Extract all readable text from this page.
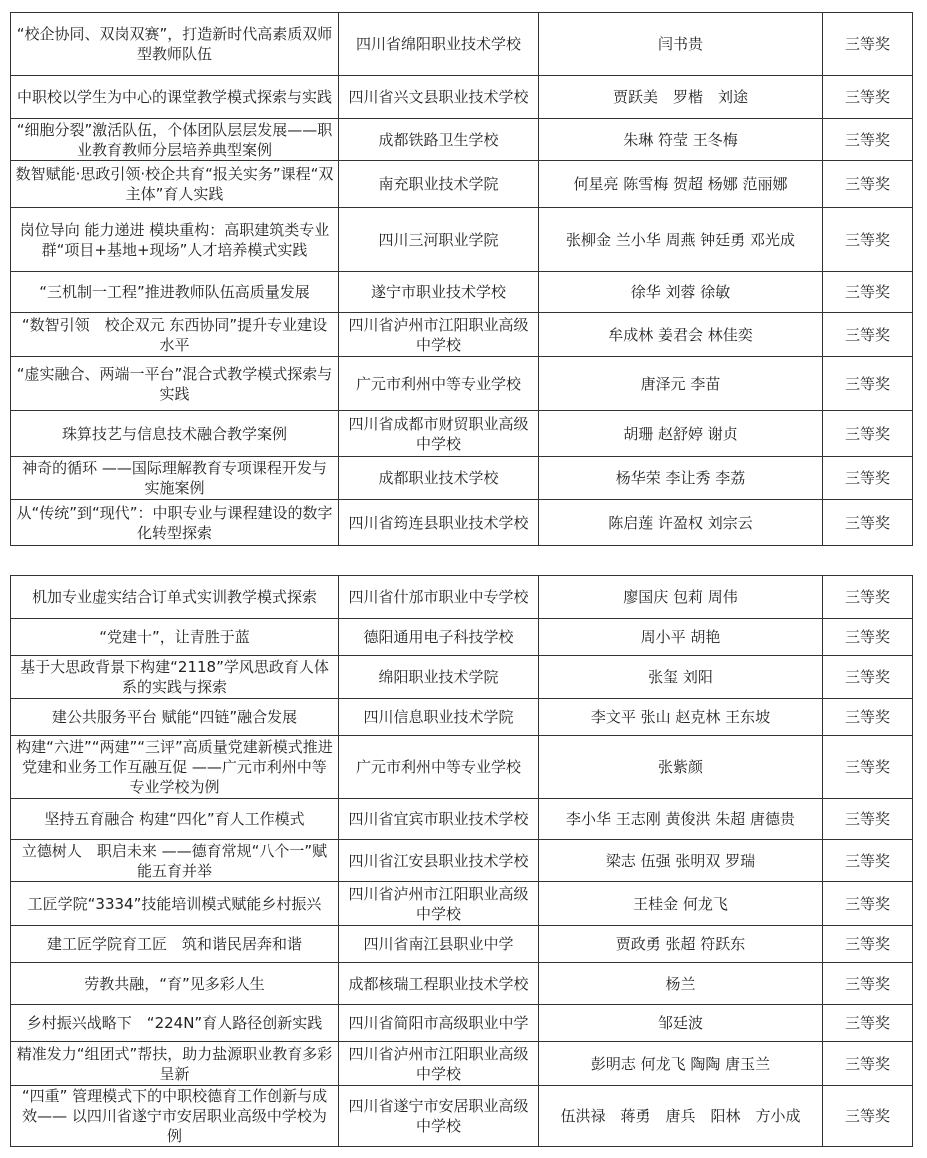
“校企协同、双岗双赛”，打造新时代高素质双师型教师队伍	四川省绵阳职业技术学校	闫书贵	三等奖
中职校以学生为中心的课堂教学模式探索与实践	四川省兴文县职业技术学校	贾跃美　罗楷　刘途	三等奖
“细胞分裂”激活队伍，个体团队层层发展——职业教育教师分层培养典型案例	成都铁路卫生学校	朱琳 符莹 王冬梅	三等奖
数智赋能·思政引领·校企共育“报关实务”课程“双主体”育人实践	南充职业技术学院	何星亮 陈雪梅 贺超 杨娜 范丽娜	三等奖
岗位导向 能力递进 模块重构：高职建筑类专业群“项目+基地+现场”人才培养模式实践	四川三河职业学院	张柳金 兰小华 周燕 钟廷勇 邓光成	三等奖
“三机制一工程”推进教师队伍高质量发展	遂宁市职业技术学校	徐华 刘蓉 徐敏	三等奖
“数智引领　校企双元 东西协同”提升专业建设水平	四川省泸州市江阳职业高级中学校	牟成林 姜君会 林佳奕	三等奖
“虚实融合、两端一平台”混合式教学模式探索与实践	广元市利州中等专业学校	唐泽元 李苗	三等奖
珠算技艺与信息技术融合教学案例	四川省成都市财贸职业高级中学校	胡珊 赵舒婷 谢贞	三等奖
神奇的循环 ——国际理解教育专项课程开发与实施案例	成都职业技术学校	杨华荣 李让秀 李荔	三等奖
从“传统”到“现代”：中职专业与课程建设的数字化转型探索	四川省筠连县职业技术学校	陈启莲 许盈权 刘宗云	三等奖
机加专业虚实结合订单式实训教学模式探索	四川省什邡市职业中专学校	廖国庆 包莉 周伟	三等奖
“党建十”，让青胜于蓝	德阳通用电子科技学校	周小平 胡艳	三等奖
基于大思政背景下构建“2118”学风思政育人体系的实践与探索	绵阳职业技术学院	张玺 刘阳	三等奖
建公共服务平台 赋能“四链”融合发展	四川信息职业技术学院	李文平 张山 赵克林 王东坡	三等奖
构建“六进”“两建”“三评”高质量党建新模式推进党建和业务工作互融互促 ——广元市利州中等专业学校为例	广元市利州中等专业学校	张紫颜	三等奖
坚持五育融合 构建“四化”育人工作模式	四川省宜宾市职业技术学校	李小华 王志刚 黄俊洪 朱超 唐德贵	三等奖
立德树人　职启未来 ——德育常规“八个一”赋能五育并举	四川省江安县职业技术学校	梁志 伍强 张明双 罗瑞	三等奖
工匠学院“3334”技能培训模式赋能乡村振兴	四川省泸州市江阳职业高级中学校	王桂金 何龙飞	三等奖
建工匠学院育工匠　筑和谐民居奔和谐	四川省南江县职业中学	贾政勇 张超 符跃东	三等奖
劳教共融，“育”见多彩人生	成都核瑞工程职业技术学校	杨兰	三等奖
乡村振兴战略下　“224N”育人路径创新实践	四川省简阳市高级职业中学	邹廷波	三等奖
精准发力“组团式”帮扶，助力盐源职业教育多彩呈新	四川省泸州市江阳职业高级中学校	彭明志 何龙飞 陶陶 唐玉兰	三等奖
“四重” 管理模式下的中职校德育工作创新与成效—— 以四川省遂宁市安居职业高级中学校为例	四川省遂宁市安居职业高级中学校	伍洪禄　蒋勇　唐兵　阳林　方小成	三等奖
